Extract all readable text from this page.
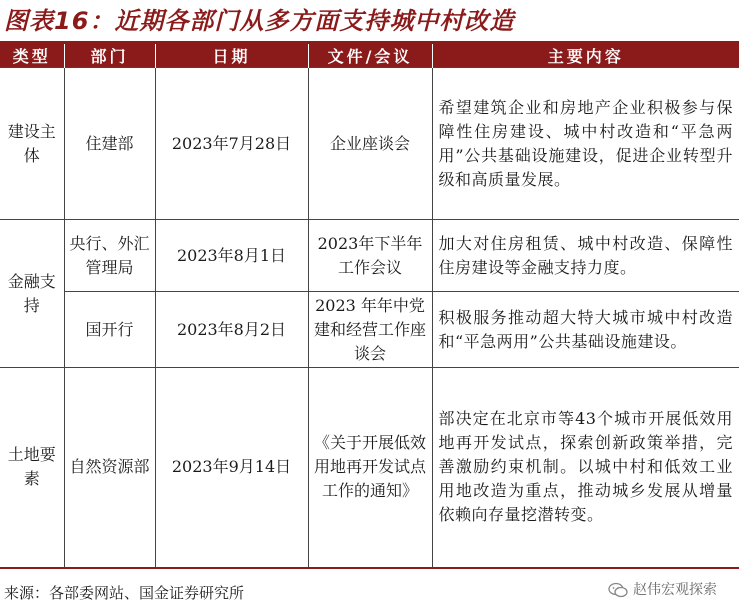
图表16：近期各部门从多方面支持城中村改造
类型	部门	日期	文件/会议	主要内容
建设主体	住建部	2023年7月28日	企业座谈会	希望建筑企业和房地产企业积极参与保障性住房建设、城中村改造和“平急两用”公共基础设施建设，促进企业转型升级和高质量发展。
金融支持	央行、外汇管理局	2023年8月1日	2023年下半年工作会议	加大对住房租赁、城中村改造、保障性住房建设等金融支持力度。
	国开行	2023年8月2日	2023 年年中党建和经营工作座谈会	积极服务推动超大特大城市城中村改造和“平急两用”公共基础设施建设。
土地要素	自然资源部	2023年9月14日	《关于开展低效用地再开发试点工作的通知》	部决定在北京市等43个城市开展低效用地再开发试点，探索创新政策举措，完善激励约束机制。以城中村和低效工业用地改造为重点，推动城乡发展从增量依赖向存量挖潜转变。
来源：各部委网站、国金证券研究所	赵伟宏观探索
